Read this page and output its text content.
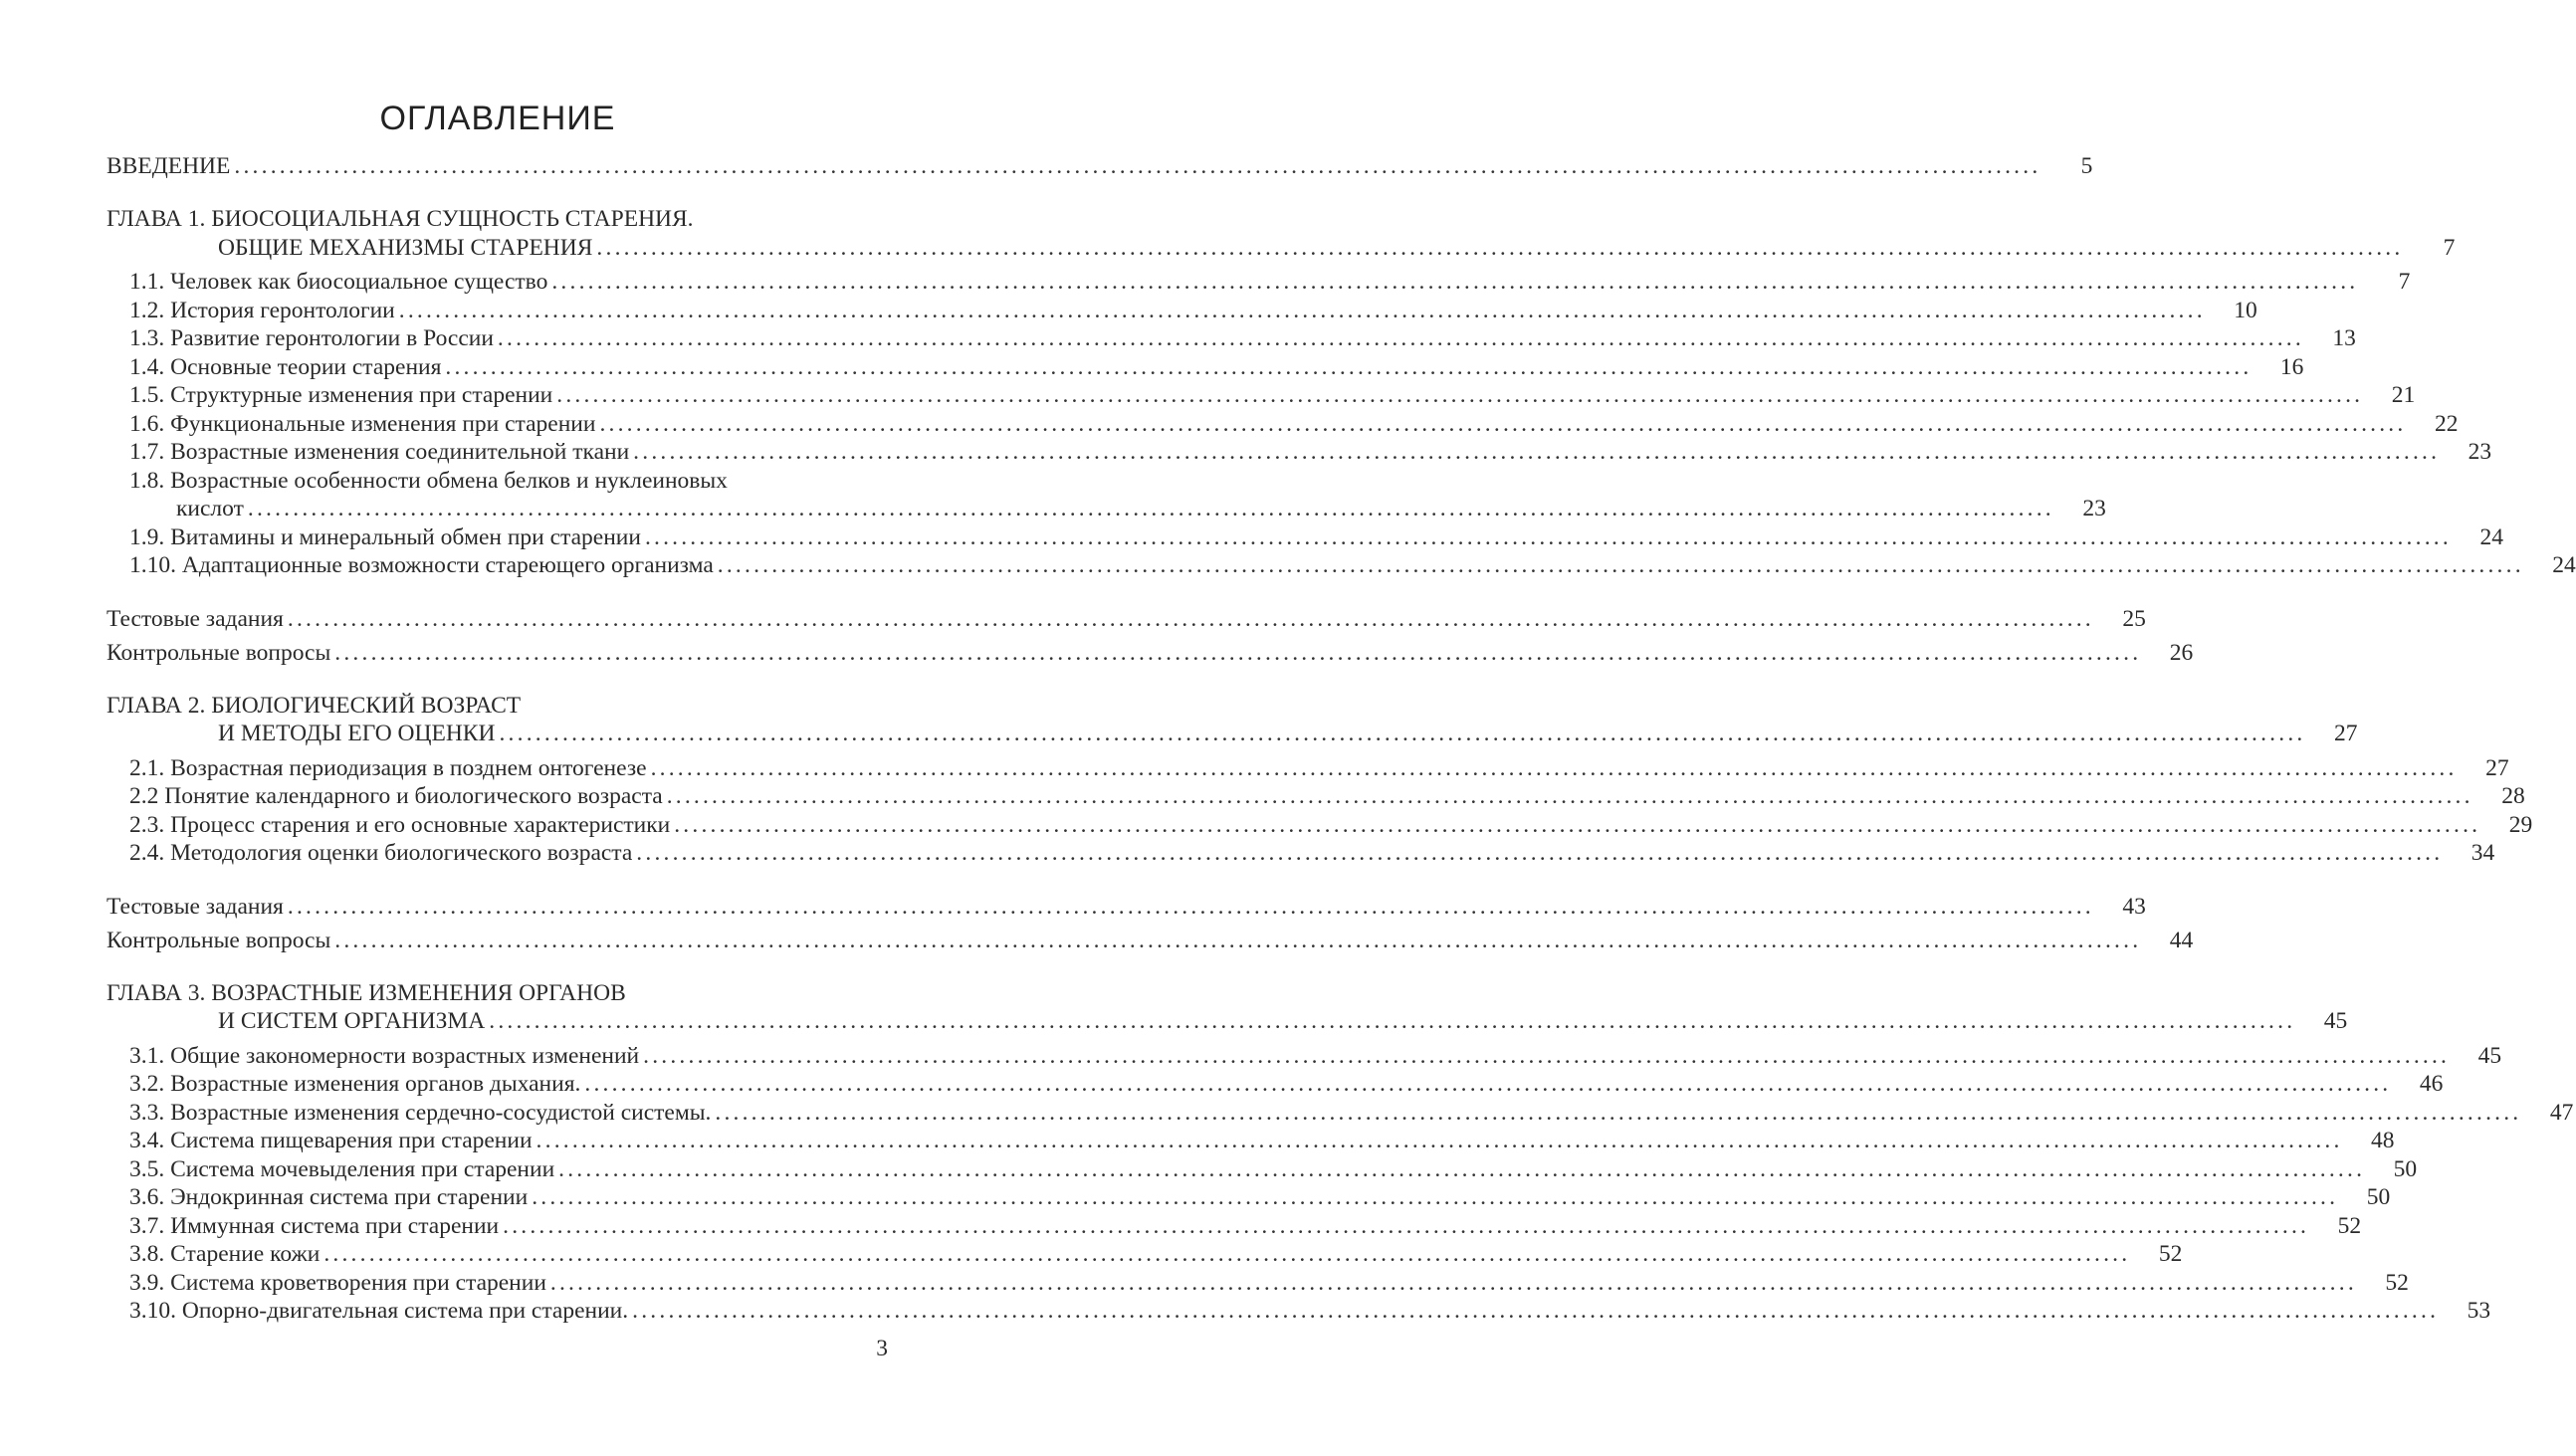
ОГЛАВЛЕНИЕ
ВВЕДЕНИЕ ........................................................................................................................................................................................................	5
ГЛАВА 1. БИОСОЦИАЛЬНАЯ СУЩНОСТЬ СТАРЕНИЯ.
ОБЩИЕ МЕХАНИЗМЫ СТАРЕНИЯ ........................................................................................................................................................................................................	7
1.1. Человек как биосоциальное существо ........................................................................................................................................................................................................	7
1.2. История геронтологии ........................................................................................................................................................................................................	10
1.3. Развитие геронтологии в России ........................................................................................................................................................................................................	13
1.4. Основные теории старения ........................................................................................................................................................................................................	16
1.5. Структурные изменения при старении ........................................................................................................................................................................................................	21
1.6. Функциональные изменения при старении ........................................................................................................................................................................................................	22
1.7. Возрастные изменения соединительной ткани ........................................................................................................................................................................................................	23
1.8. Возрастные особенности обмена белков и нуклеиновых
кислот ........................................................................................................................................................................................................	23
1.9. Витамины и минеральный обмен при старении ........................................................................................................................................................................................................	24
1.10. Адаптационные возможности стареющего организма ........................................................................................................................................................................................................	24
Тестовые задания ........................................................................................................................................................................................................	25
Контрольные вопросы ........................................................................................................................................................................................................	26
ГЛАВА 2. БИОЛОГИЧЕСКИЙ ВОЗРАСТ
И МЕТОДЫ ЕГО ОЦЕНКИ ........................................................................................................................................................................................................	27
2.1. Возрастная периодизация в позднем онтогенезе ........................................................................................................................................................................................................	27
2.2 Понятие календарного и биологического возраста ........................................................................................................................................................................................................	28
2.3. Процесс старения и его основные характеристики ........................................................................................................................................................................................................	29
2.4. Методология оценки биологического возраста ........................................................................................................................................................................................................	34
Тестовые задания ........................................................................................................................................................................................................	43
Контрольные вопросы ........................................................................................................................................................................................................	44
ГЛАВА 3. ВОЗРАСТНЫЕ ИЗМЕНЕНИЯ ОРГАНОВ
И СИСТЕМ ОРГАНИЗМА ........................................................................................................................................................................................................	45
3.1. Общие закономерности возрастных изменений ........................................................................................................................................................................................................	45
3.2. Возрастные изменения органов дыхания. ........................................................................................................................................................................................................	46
3.3. Возрастные изменения сердечно-сосудистой системы. ........................................................................................................................................................................................................	47
3.4. Система пищеварения при старении ........................................................................................................................................................................................................	48
3.5. Система мочевыделения при старении ........................................................................................................................................................................................................	50
3.6. Эндокринная система при старении ........................................................................................................................................................................................................	50
3.7. Иммунная система при старении ........................................................................................................................................................................................................	52
3.8. Старение кожи ........................................................................................................................................................................................................	52
3.9. Система кроветворения при старении ........................................................................................................................................................................................................	52
3.10. Опорно-двигательная система при старении. ........................................................................................................................................................................................................	53
3
